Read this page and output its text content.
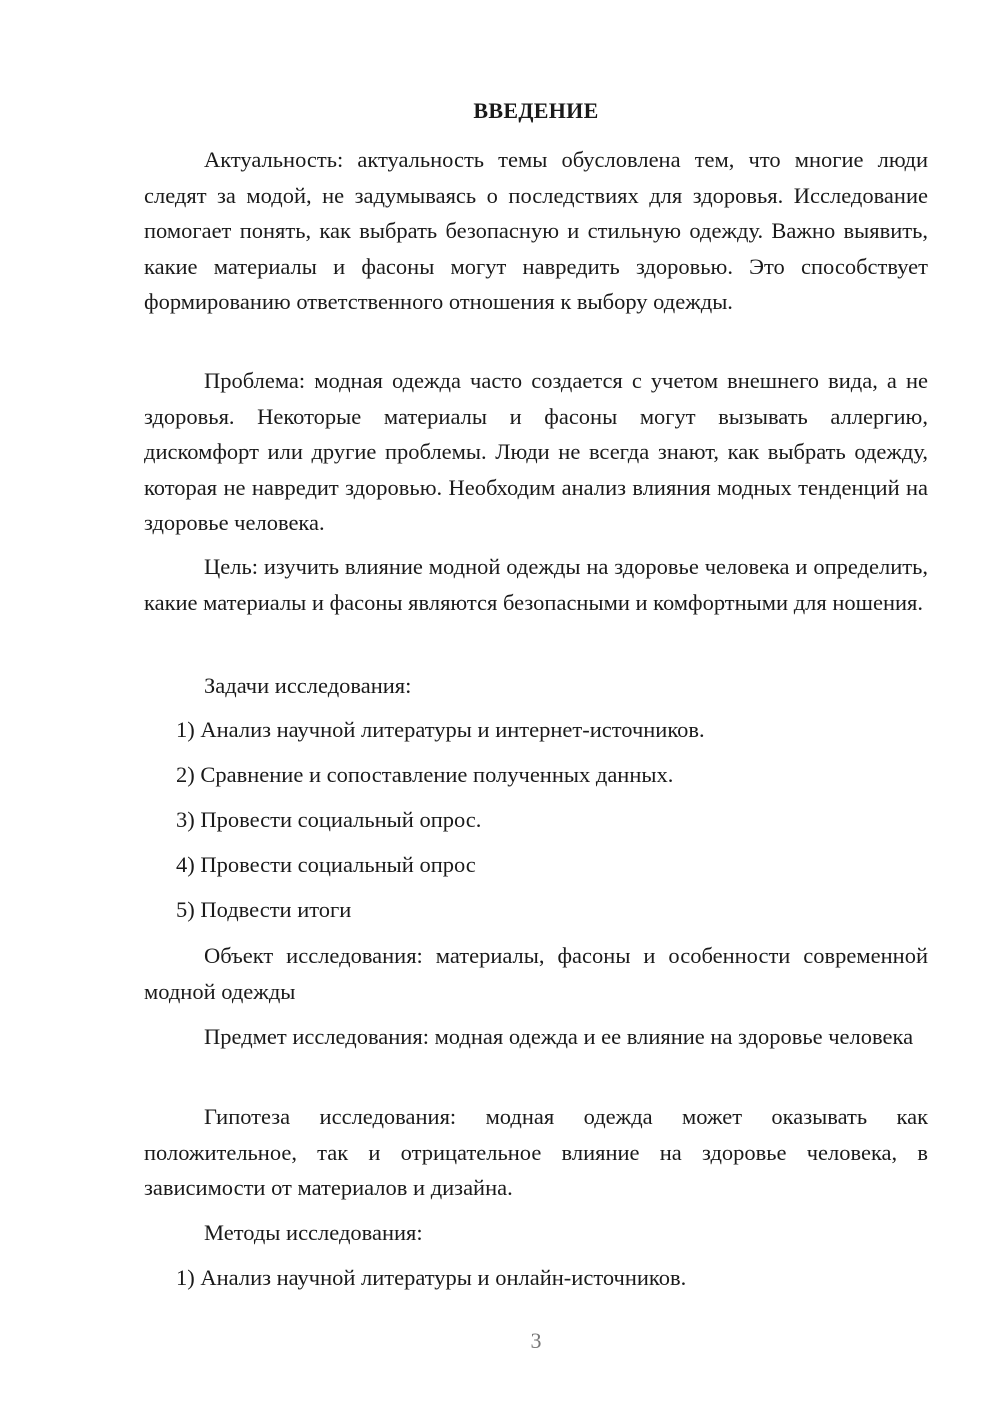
ВВЕДЕНИЕ

Актуальность: актуальность темы обусловлена тем, что многие люди следят за модой, не задумываясь о последствиях для здоровья. Исследование помогает понять, как выбрать безопасную и стильную одежду. Важно выявить, какие материалы и фасоны могут навредить здоровью. Это способствует формированию ответственного отношения к выбору одежды.

Проблема: модная одежда часто создается с учетом внешнего вида, а не здоровья. Некоторые материалы и фасоны могут вызывать аллергию, дискомфорт или другие проблемы. Люди не всегда знают, как выбрать одежду, которая не навредит здоровью. Необходим анализ влияния модных тенденций на здоровье человека.

Цель: изучить влияние модной одежды на здоровье человека и определить, какие материалы и фасоны являются безопасными и комфортными для ношения.

Задачи исследования:

1) Анализ научной литературы и интернет-источников.

2) Сравнение и сопоставление полученных данных.

3) Провести социальный опрос.

4) Провести социальный опрос

5) Подвести итоги

Объект исследования: материалы, фасоны и особенности современной модной одежды

Предмет исследования: модная одежда и ее влияние на здоровье человека

Гипотеза исследования: модная одежда может оказывать как положительное, так и отрицательное влияние на здоровье человека, в зависимости от материалов и дизайна.

Методы исследования:

1) Анализ научной литературы и онлайн-источников.

3
